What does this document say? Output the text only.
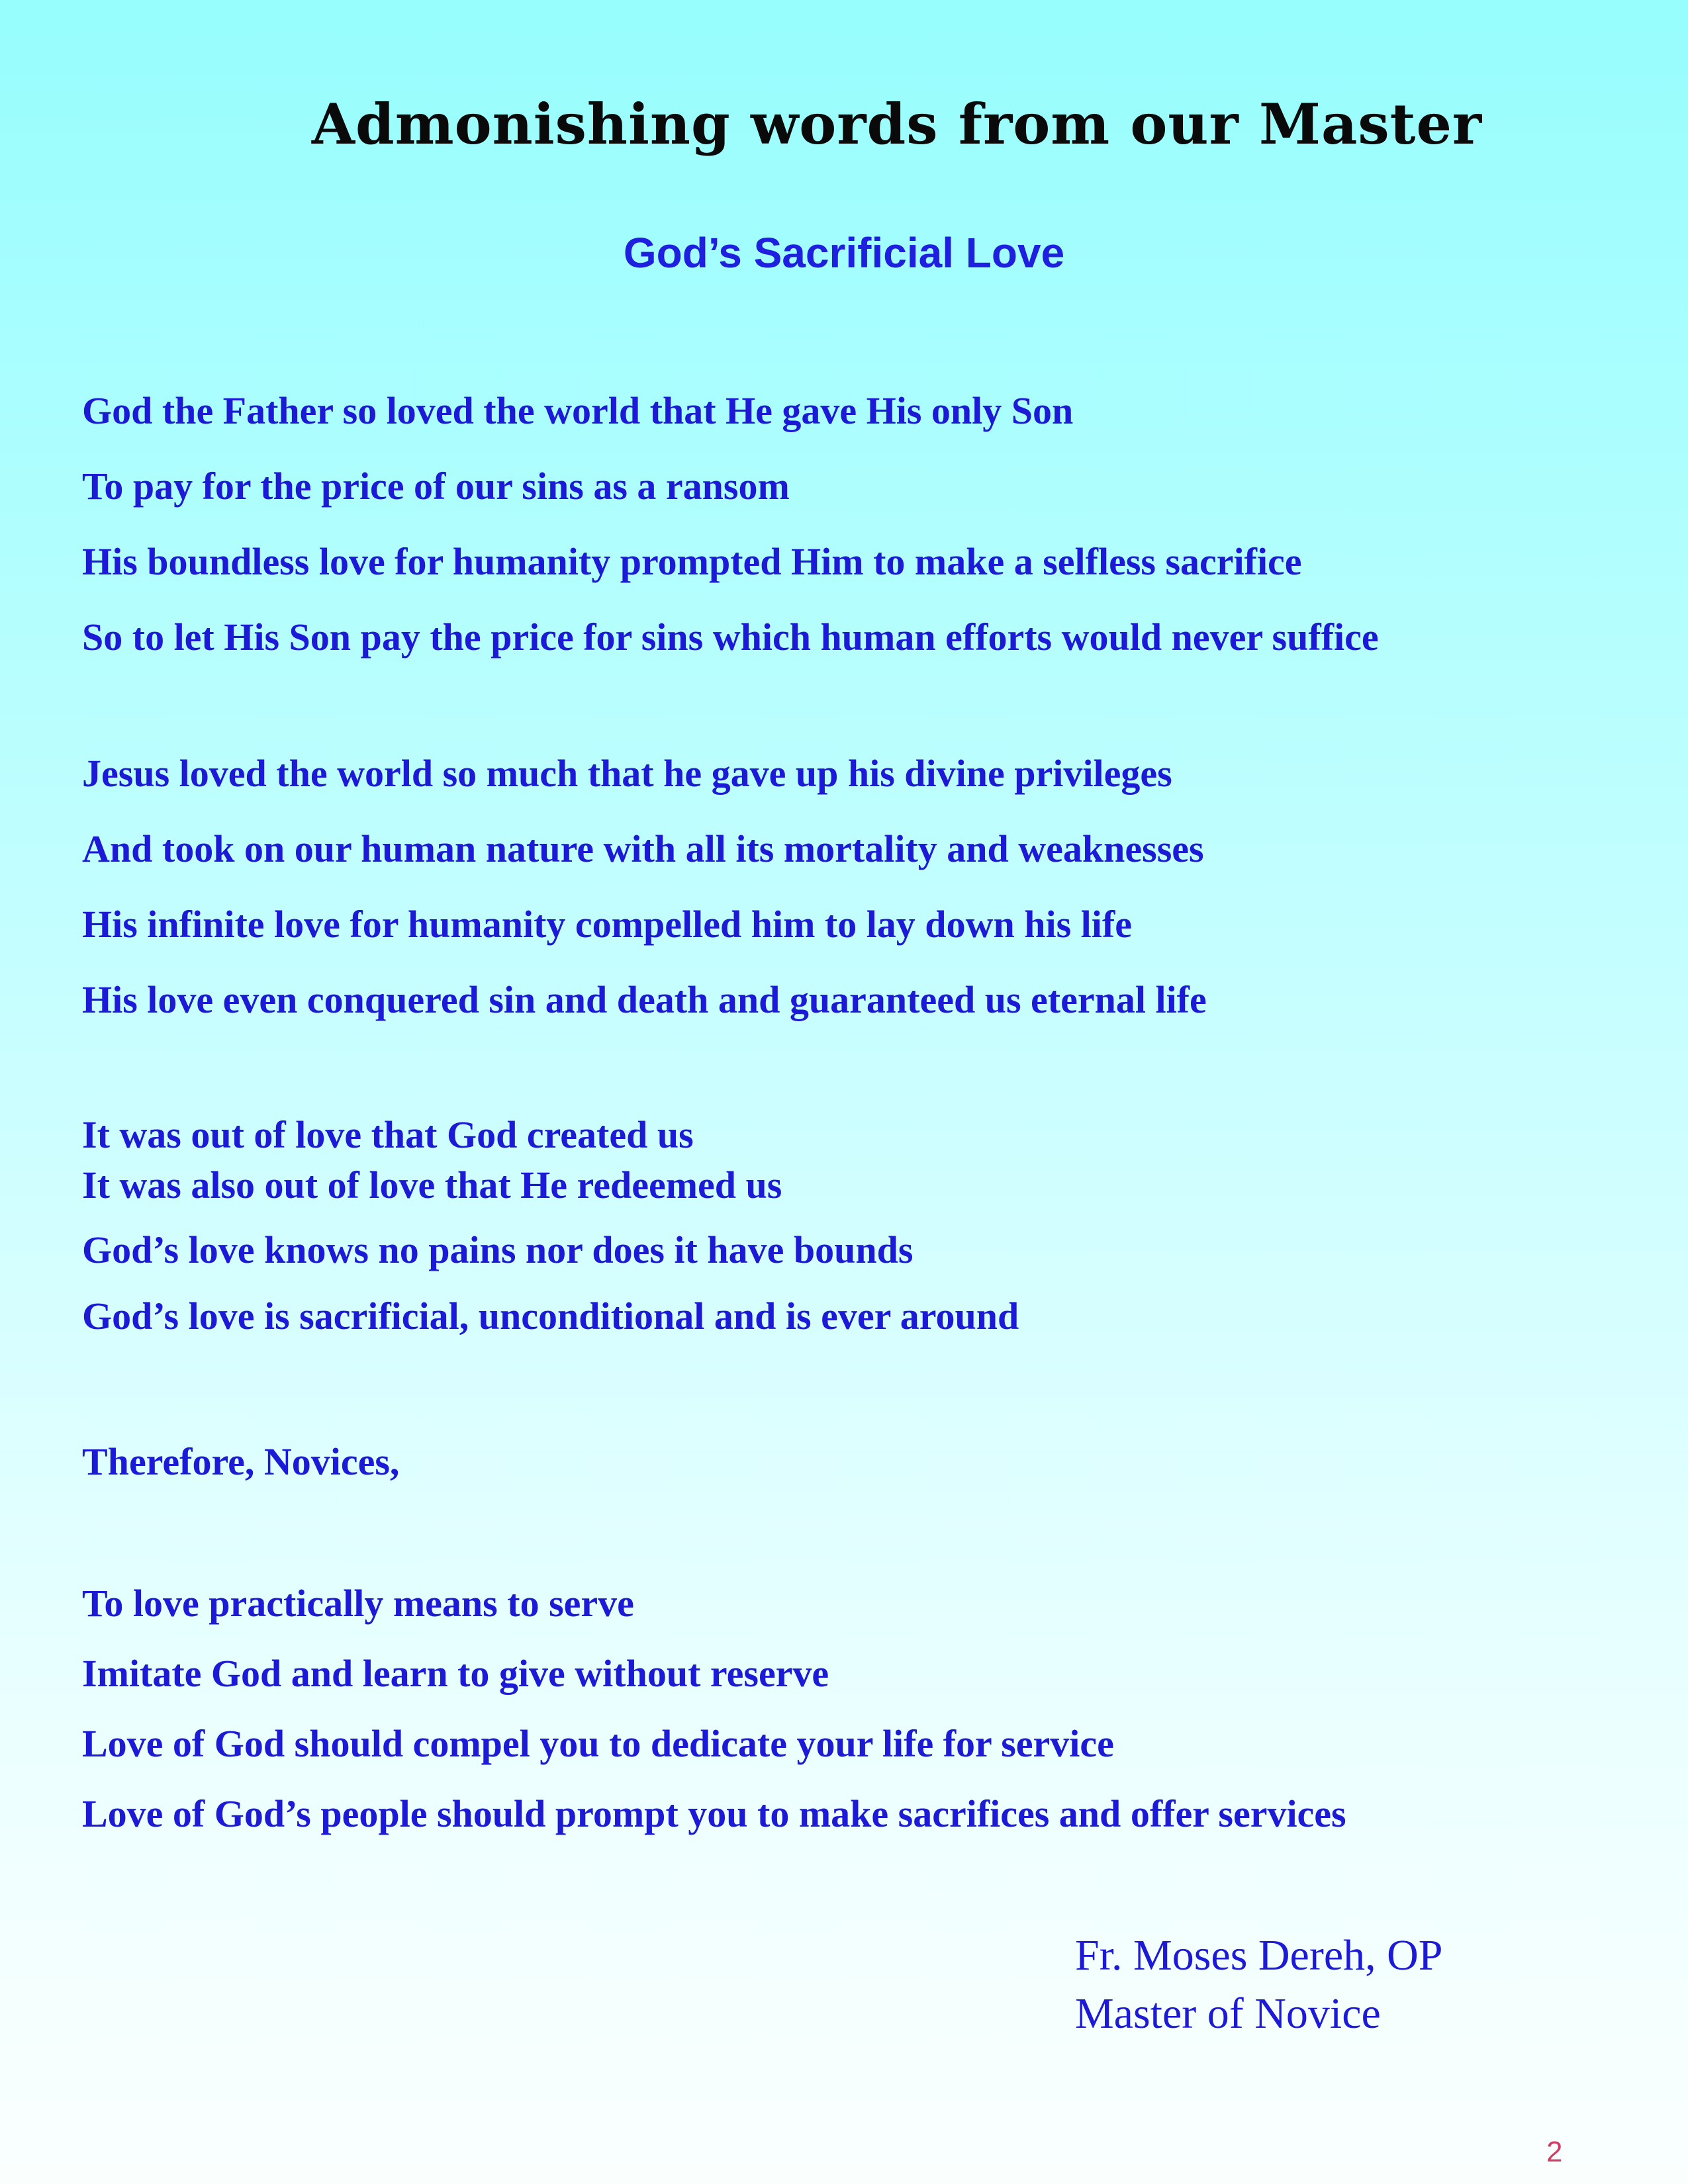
Admonishing words from our Master
God’s Sacrificial Love
God the Father so loved the world that He gave His only Son
To pay for the price of our sins as a ransom
His boundless love for humanity prompted Him to make a selfless sacrifice
So to let His Son pay the price for sins which human efforts would never suffice
Jesus loved the world so much that he gave up his divine privileges
And took on our human nature with all its mortality and weaknesses
His infinite love for humanity compelled him to lay down his life
His love even conquered sin and death and guaranteed us eternal life
It was out of love that God created us
It was also out of love that He redeemed us
God’s love knows no pains nor does it have bounds
God’s love is sacrificial, unconditional and is ever around
Therefore, Novices,
To love practically means to serve
Imitate God and learn to give without reserve
Love of God should compel you to dedicate your life for service
Love of God’s people should prompt you to make sacrifices and offer services
Fr. Moses Dereh, OP
Master of Novice
2
